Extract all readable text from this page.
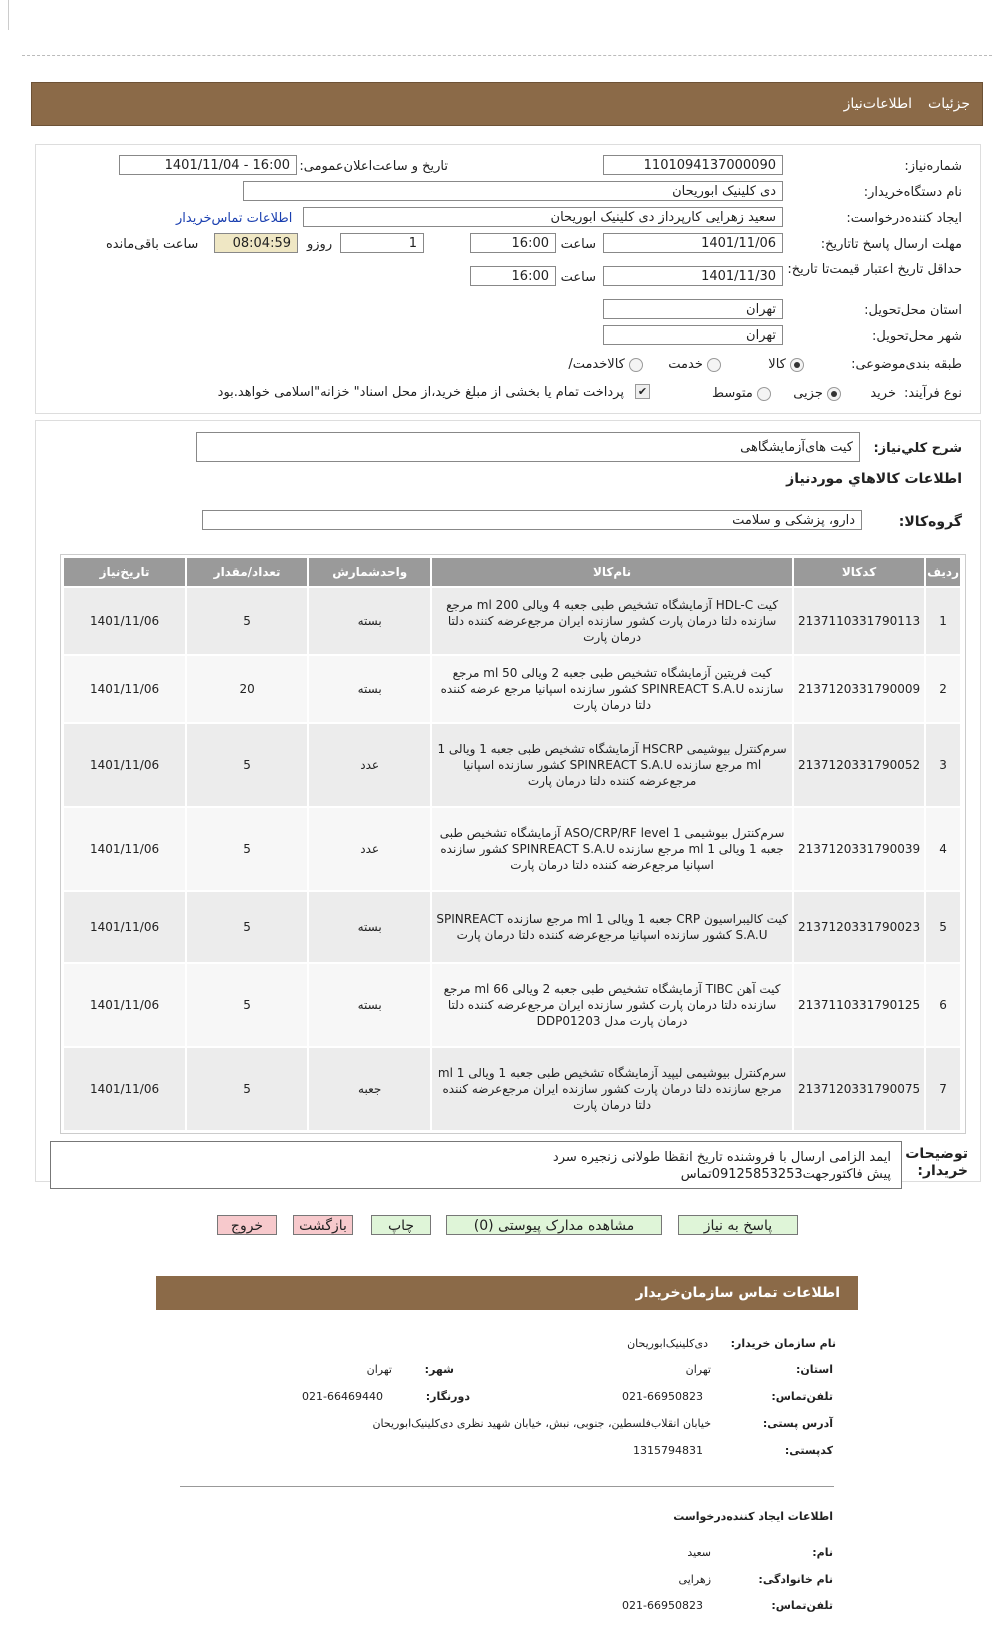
جزئیات
اطلاعات‌نیاز
شماره‌نیاز:
1101094137000090
تاریخ و ساعت‌اعلان‌عمومی:
1401/11/04 - 16:00
نام دستگاه‌خریدار:
دی کلینیک ابوریحان
ایجاد کننده‌درخواست:
سعید زهرایی کارپرداز دی کلینیک ابوریحان
اطلاعات تماس‌خریدار
مهلت ارسال پاسخ تا‌تاریخ:
1401/11/06
ساعت
16:00
1
روزو
08:04:59
ساعت باقی‌مانده
حداقل تاریخ اعتبار قیمت‌تا تاریخ:
1401/11/30
ساعت
16:00
استان محل‌تحویل:
تهران
شهر محل‌تحویل:
تهران
طبقه بندی‌موضوعی:
کالا
خدمت
کالا‌خدمت/
نوع فرآیند:
خرید
جزیی
متوسط
✔
پرداخت تمام یا بخشی از مبلغ خرید،از محل اسناد" خزانه"اسلامی خواهد.بود
شرح کلي‌نیاز:
کیت های‌آزمایشگاهی
اطلاعات کالاهاي مورد‌نیاز
گروه‌کالا:
دارو، پزشکی و سلامت
ردیف	کدکالا	نام‌کالا	واحد‌شمارش	تعداد/مقدار	تاریخ‌نیاز
1	2137110331790113	کیت HDL-C آزمایشگاه تشخیص طبی جعبه 4 ویالی 200 ml مرجع سازنده دلتا درمان پارت کشور سازنده ایران مرجع‌عرضه کننده دلتا درمان پارت	بسته	5	1401/11/06
2	2137120331790009	کیت فریتین آزمایشگاه تشخیص طبی جعبه 2 ویالی 50 ml مرجع سازنده SPINREACT S.A.U کشور سازنده اسپانیا مرجع عرضه کننده دلتا درمان پارت	بسته	20	1401/11/06
3	2137120331790052	سرم‌کنترل بیوشیمی HSCRP آزمایشگاه تشخیص طبی جعبه 1 ویالی 1 ml مرجع سازنده SPINREACT S.A.U کشور سازنده اسپانیا مرجع‌عرضه کننده دلتا درمان پارت	عدد	5	1401/11/06
4	2137120331790039	سرم‌کنترل بیوشیمی ASO/CRP/RF level 1 آزمایشگاه تشخیص طبی جعبه 1 ویالی 1 ml مرجع سازنده SPINREACT S.A.U کشور سازنده اسپانیا مرجع‌عرضه کننده دلتا درمان پارت	عدد	5	1401/11/06
5	2137120331790023	کیت کالیبراسیون CRP جعبه 1 ویالی 1 ml مرجع سازنده SPINREACT S.A.U کشور سازنده اسپانیا مرجع‌عرضه کننده دلتا درمان پارت	بسته	5	1401/11/06
6	2137110331790125	کیت آهن TIBC آزمایشگاه تشخیص طبی جعبه 2 ویالی 66 ml مرجع سازنده دلتا درمان پارت کشور سازنده ایران مرجع‌عرضه کننده دلتا درمان پارت مدل DDP01203	بسته	5	1401/11/06
7	2137120331790075	سرم‌کنترل بیوشیمی لیپید آزمایشگاه تشخیص طبی جعبه 1 ویالی 1 ml مرجع سازنده دلتا درمان پارت کشور سازنده ایران مرجع‌عرضه کننده دلتا درمان پارت	جعبه	5	1401/11/06
توضیحات خریدار:
ایمد الزامی ارسال با فروشنده تاریخ انقظا طولانی زنجیره سرد
پیش فاکتورجهت09125853253تماس
پاسخ به نیاز
مشاهده مدارک پیوستی (0)
چاپ
بازگشت
خروج
اطلاعات تماس سازمان‌خریدار
نام سازمان خریدار:
دی‌کلینیک‌ابوریحان
استان:
تهران
شهر:
تهران
تلفن‌تماس:
021-66950823
دورنگار:
021-66469440
آدرس پستی:
خیابان انقلاب‌فلسطین، جنوبی، نبش، خیابان شهید نظری دی‌کلینیک‌ابوریحان
کد‌پستی:
1315794831
اطلاعات ایجاد کننده‌درخواست
نام:
سعید
نام خانوادگی:
زهرایی
تلفن‌تماس:
021-66950823
